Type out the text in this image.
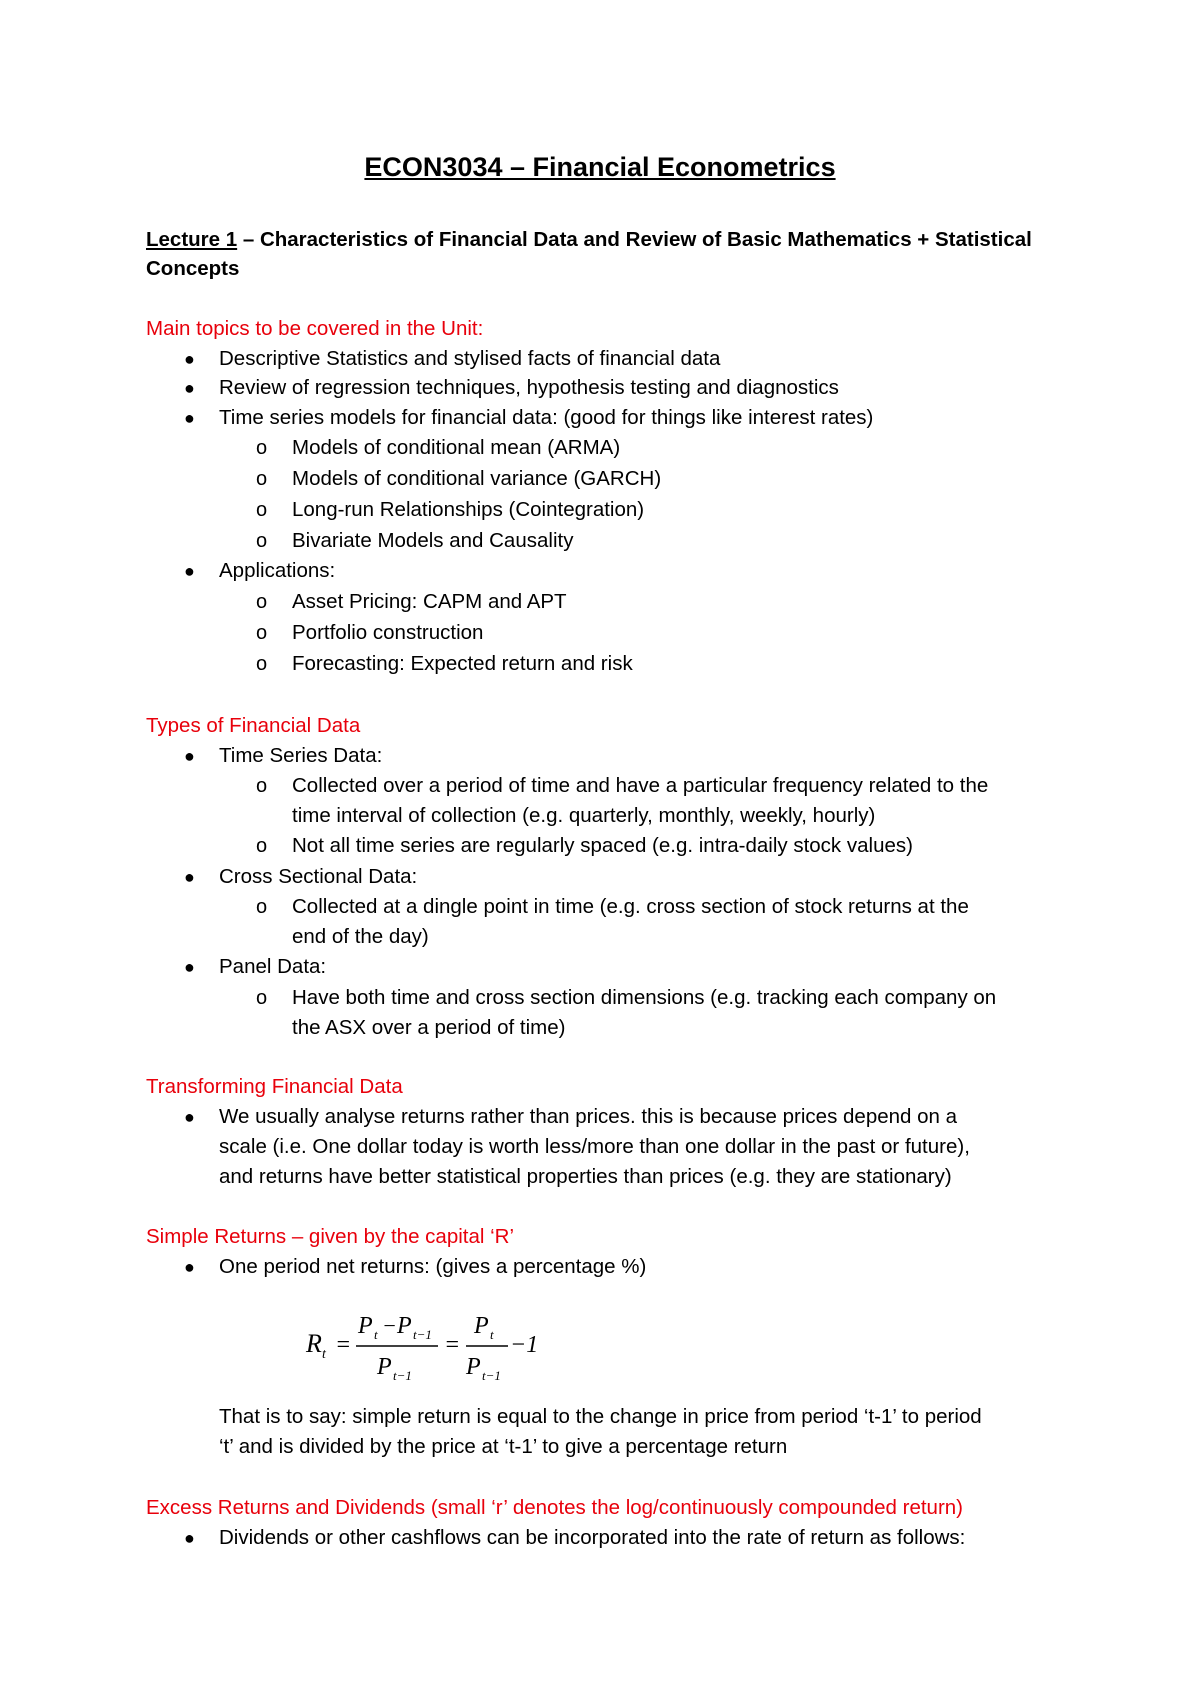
ECON3034 – Financial Econometrics
Lecture 1 – Characteristics of Financial Data and Review of Basic Mathematics + Statistical
Concepts
Main topics to be covered in the Unit:
● Descriptive Statistics and stylised facts of financial data
● Review of regression techniques, hypothesis testing and diagnostics
● Time series models for financial data: (good for things like interest rates)
o Models of conditional mean (ARMA)
o Models of conditional variance (GARCH)
o Long-run Relationships (Cointegration)
o Bivariate Models and Causality
● Applications:
o Asset Pricing: CAPM and APT
o Portfolio construction
o Forecasting: Expected return and risk
Types of Financial Data
● Time Series Data:
o Collected over a period of time and have a particular frequency related to the
time interval of collection (e.g. quarterly, monthly, weekly, hourly)
o Not all time series are regularly spaced (e.g. intra-daily stock values)
● Cross Sectional Data:
o Collected at a dingle point in time (e.g. cross section of stock returns at the
end of the day)
● Panel Data:
o Have both time and cross section dimensions (e.g. tracking each company on
the ASX over a period of time)
Transforming Financial Data
● We usually analyse returns rather than prices. this is because prices depend on a
scale (i.e. One dollar today is worth less/more than one dollar in the past or future),
and returns have better statistical properties than prices (e.g. they are stationary)
Simple Returns – given by the capital ‘R’
● One period net returns: (gives a percentage %)
R t =
P t − P t−1
P t−1
=
P t
P t−1
−1
That is to say: simple return is equal to the change in price from period ‘t-1’ to period
‘t’ and is divided by the price at ‘t-1’ to give a percentage return
Excess Returns and Dividends (small ‘r’ denotes the log/continuously compounded return)
● Dividends or other cashflows can be incorporated into the rate of return as follows:
